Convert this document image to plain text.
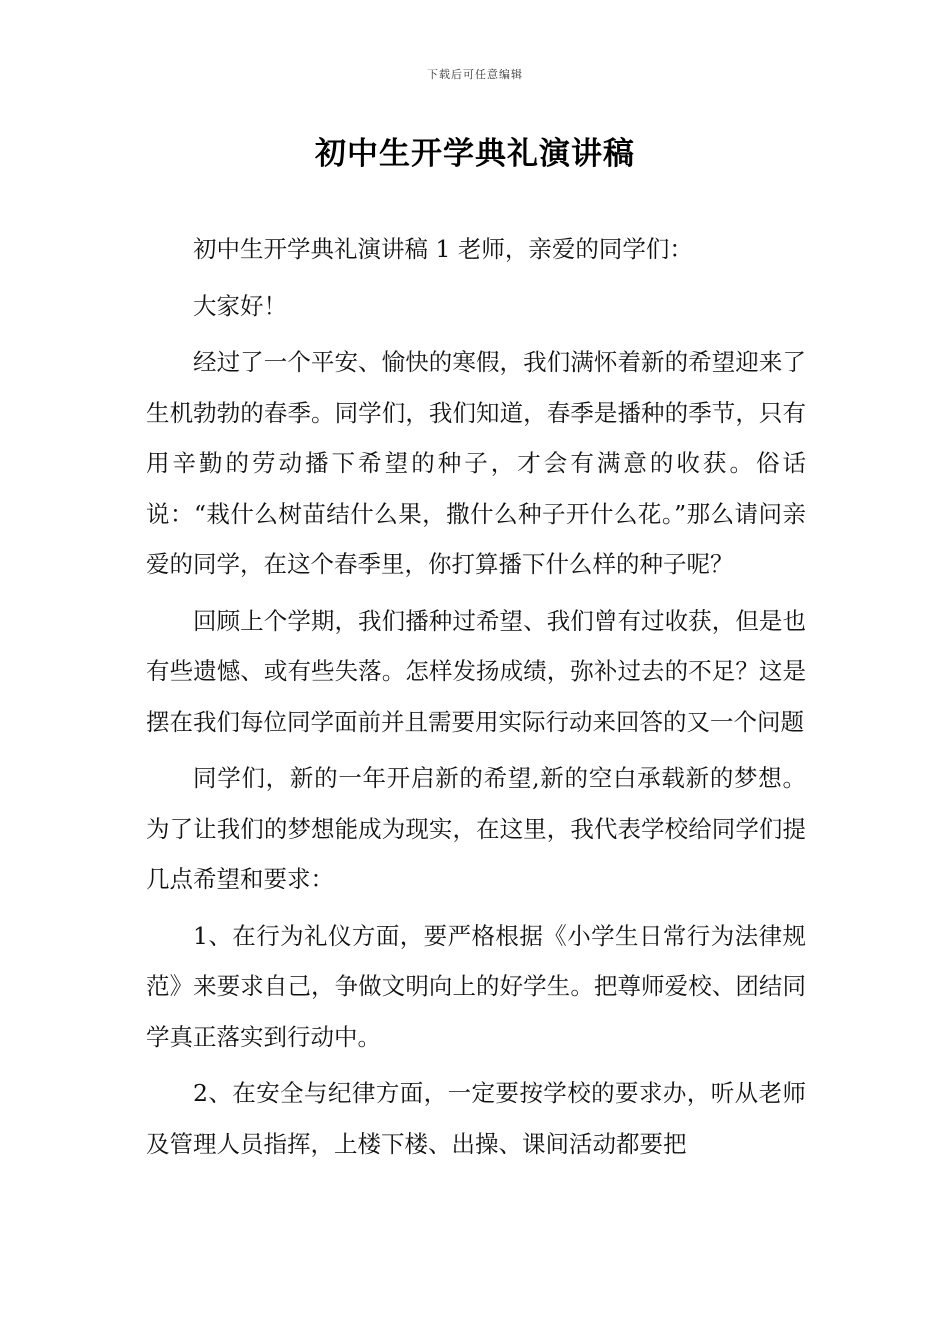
下载后可任意编辑
初中生开学典礼演讲稿

初中生开学典礼演讲稿 1 老师，亲爱的同学们：

大家好！

经过了一个平安、愉快的寒假，我们满怀着新的希望迎来了生机勃勃的春季。同学们，我们知道，春季是播种的季节，只有用辛勤的劳动播下希望的种子，才会有满意的收获。俗话说：“栽什么树苗结什么果，撒什么种子开什么花。”那么请问亲爱的同学，在这个春季里，你打算播下什么样的种子呢？

回顾上个学期，我们播种过希望、我们曾有过收获，但是也有些遗憾、或有些失落。怎样发扬成绩，弥补过去的不足？这是摆在我们每位同学面前并且需要用实际行动来回答的又一个问题

同学们，新的一年开启新的希望,新的空白承载新的梦想。为了让我们的梦想能成为现实，在这里，我代表学校给同学们提几点希望和要求：

1、在行为礼仪方面，要严格根据《小学生日常行为法律规范》来要求自己，争做文明向上的好学生。把尊师爱校、团结同学真正落实到行动中。

2、在安全与纪律方面，一定要按学校的要求办，听从老师及管理人员指挥，上楼下楼、出操、课间活动都要把
